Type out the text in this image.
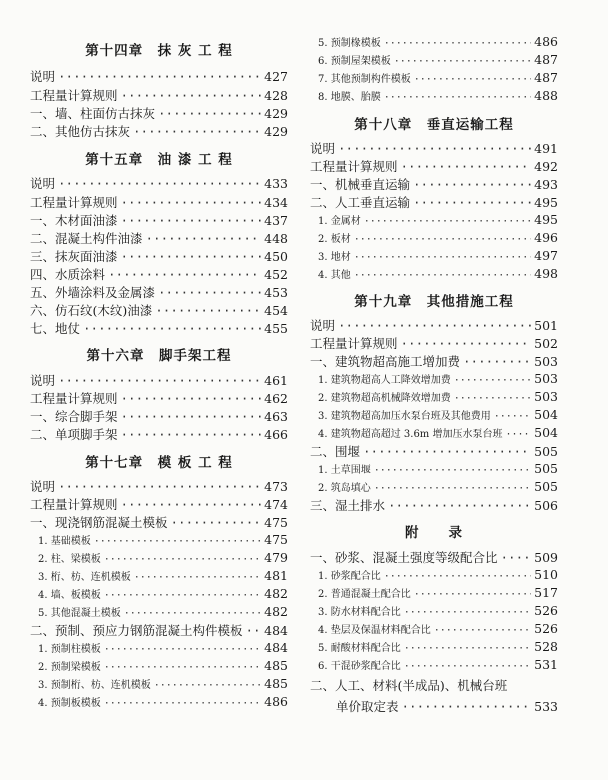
第十四章　抹 灰 工 程
说明 ·····	427
工程量计算规则 ·····	428
一、墙、柱面仿古抹灰 ·····	429
二、其他仿古抹灰 ·····	429
第十五章　油 漆 工 程
说明 ·····	433
工程量计算规则 ·····	434
一、木材面油漆 ·····	437
二、混凝土构件油漆 ·····	448
三、抹灰面油漆 ·····	450
四、水质涂料 ·····	452
五、外墙涂料及金属漆 ·····	453
六、仿石纹(木纹)油漆 ·····	454
七、地仗 ·····	455
第十六章　脚手架工程
说明 ·····	461
工程量计算规则 ·····	462
一、综合脚手架 ·····	463
二、单项脚手架 ·····	466
第十七章　模 板 工 程
说明 ·····	473
工程量计算规则 ·····	474
一、现浇钢筋混凝土模板 ·····	475
1. 基础模板 ·····	475
2. 柱、梁模板 ·····	479
3. 桁、枋、连机模板 ·····	481
4. 墙、板模板 ·····	482
5. 其他混凝土模板 ·····	482
二、预制、预应力钢筋混凝土构件模板 ····· 484
1. 预制柱模板 ·····	484
2. 预制梁模板 ·····	485
3. 预制桁、枋、连机模板 ·····	485
4. 预制板模板 ·····	486
5. 预制椽模板 ·····	486
6. 预制屋架模板 ·····	487
7. 其他预制构件模板 ·····	487
8. 地膜、胎膜 ·····	488
第十八章　垂直运输工程
说明 ·····	491
工程量计算规则 ·····	492
一、机械垂直运输 ·····	493
二、人工垂直运输 ·····	495
1. 金属材 ·····	495
2. 板材 ·····	496
3. 地材 ·····	497
4. 其他 ·····	498
第十九章　其他措施工程
说明 ·····	501
工程量计算规则 ·····	502
一、建筑物超高施工增加费 ·····	503
1. 建筑物超高人工降效增加费 ·····	503
2. 建筑物超高机械降效增加费 ·····	503
3. 建筑物超高加压水泵台班及其他费用 ·····	504
4. 建筑物超高超过 3.6m 增加压水泵台班 ·····	504
二、围堰 ·····	505
1. 土草围堰 ·····	505
2. 筑岛填心 ·····	505
三、湿土排水 ·····	506
附　　录
一、砂浆、混凝土强度等级配合比 ·····	509
1. 砂浆配合比 ·····	510
2. 普通混凝土配合比 ·····	517
3. 防水材料配合比 ·····	526
4. 垫层及保温材料配合比 ·····	526
5. 耐酸材料配合比 ·····	528
6. 干混砂浆配合比 ·····	531
二、人工、材料(半成品)、机械台班
单价取定表 ·····	533
